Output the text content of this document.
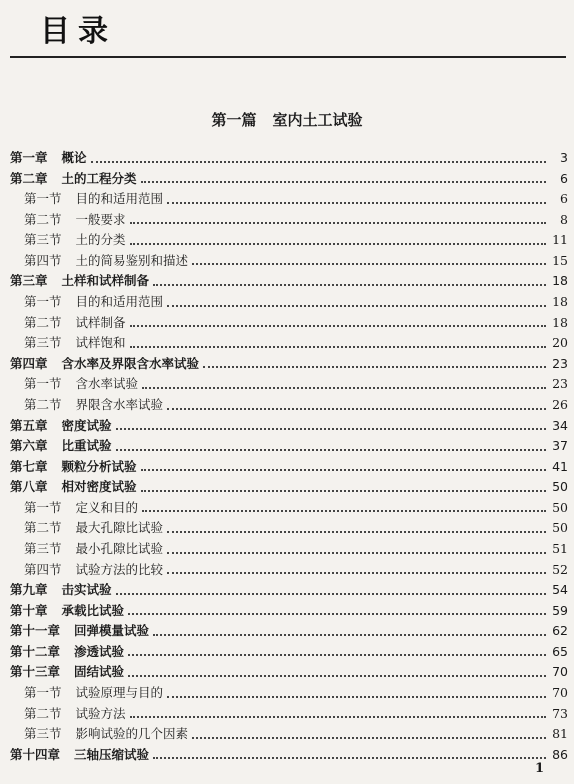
目录
第一篇 室内土工试验
第一章 概论	3
第二章 土的工程分类	6
第一节 目的和适用范围	6
第二节 一般要求	8
第三节 土的分类	11
第四节 土的简易鉴别和描述	15
第三章 土样和试样制备	18
第一节 目的和适用范围	18
第二节 试样制备	18
第三节 试样饱和	20
第四章 含水率及界限含水率试验	23
第一节 含水率试验	23
第二节 界限含水率试验	26
第五章 密度试验	34
第六章 比重试验	37
第七章 颗粒分析试验	41
第八章 相对密度试验	50
第一节 定义和目的	50
第二节 最大孔隙比试验	50
第三节 最小孔隙比试验	51
第四节 试验方法的比较	52
第九章 击实试验	54
第十章 承载比试验	59
第十一章 回弹模量试验	62
第十二章 渗透试验	65
第十三章 固结试验	70
第一节 试验原理与目的	70
第二节 试验方法	73
第三节 影响试验的几个因素	81
第十四章 三轴压缩试验	86
1
